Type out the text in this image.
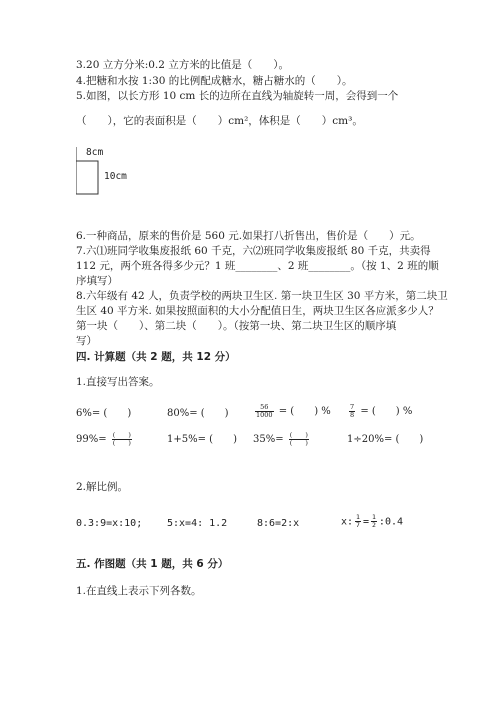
3.20 立方分米:0.2 立方米的比值是（　　）。
4.把糖和水按 1:30 的比例配成糖水，糖占糖水的（　　）。
5.如图，以长方形 10 cm 长的边所在直线为轴旋转一周，会得到一个
（　　），它的表面积是（　　）cm²，体积是（　　）cm³。
8cm
10cm
6.一种商品，原来的售价是 560 元.如果打八折售出，售价是（　　）元。
7.六⑴班同学收集废报纸 60 千克，六⑵班同学收集废报纸 80 千克，共卖得
112 元，两个班各得多少元？1 班________、2 班________。（按 1、2 班的顺
序填写）
8.六年级有 42 人，负责学校的两块卫生区. 第一块卫生区 30 平方米，第二块卫
生区 40 平方米. 如果按照面积的大小分配值日生，两块卫生区各应派多少人？
第一块（　　）、第二块（　　）。（按第一块、第二块卫生区的顺序填
写）
四. 计算题（共 2 题，共 12 分）
1.直接写出答案。
6%= (　　)	80%= (　　)	$\frac{56}{1000}$ = (　　) %	$\frac{7}{8}$ = (　　) %
$99\%= \frac{( )}{( )}$	1+5%= (　　) $35\%= \frac{( )}{( )}$	1÷20%= (　　)
2.解比例。
0.3:9=x:10; 5:x=4: 1.2	8:6=2:x	x: $\frac{1}{7} = \frac{1}{2}$ :0.4
五. 作图题（共 1 题，共 6 分）
1.在直线上表示下列各数。
